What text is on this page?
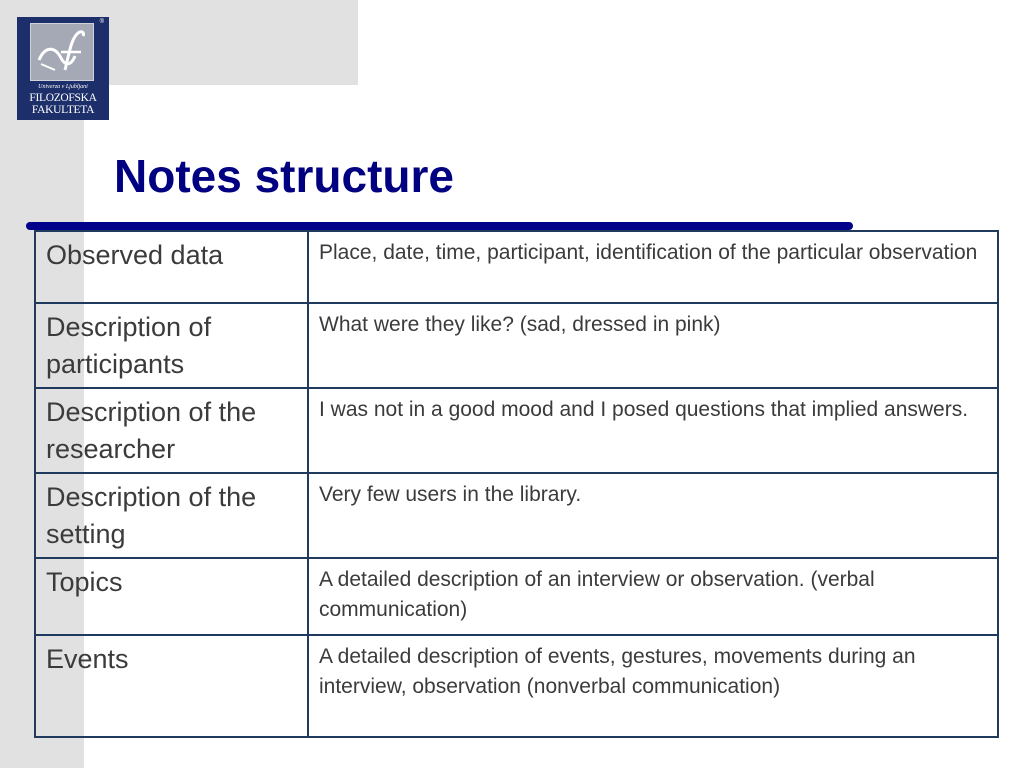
®
Univerza v Ljubljani
FILOZOFSKA
FAKULTETA
Notes structure
Observed data	Place, date, time, participant, identification of the particular observation
Description of participants	What were they like? (sad, dressed in pink)
Description of the researcher	I was not in a good mood and I posed questions that implied answers.
Description of the setting	Very few users in the library.
Topics	A detailed description of an interview or observation. (verbal communication)
Events	A detailed description of events, gestures, movements during an interview, observation (nonverbal communication)
